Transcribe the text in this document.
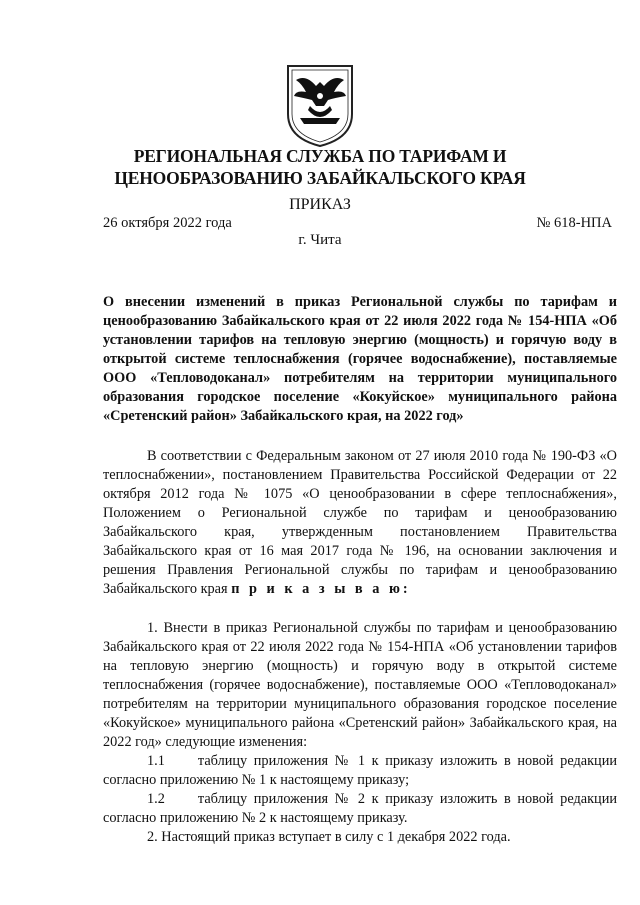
РЕГИОНАЛЬНАЯ СЛУЖБА ПО ТАРИФАМ И
ЦЕНООБРАЗОВАНИЮ ЗАБАЙКАЛЬСКОГО КРАЯ
ПРИКАЗ
26 октября 2022 года	№ 618-НПА
г. Чита
О внесении изменений в приказ Региональной службы по тарифам и ценообразованию Забайкальского края от 22 июля 2022 года № 154-НПА «Об установлении тарифов на тепловую энергию (мощность) и горячую воду в открытой системе теплоснабжения (горячее водоснабжение), поставляемые ООО «Тепловодоканал» потребителям на территории муниципального образования городское поселение «Кокуйское» муниципального района «Сретенский район» Забайкальского края, на 2022 год»

В соответствии с Федеральным законом от 27 июля 2010 года № 190-ФЗ «О теплоснабжении», постановлением Правительства Российской Федерации от 22 октября 2012 года № 1075 «О ценообразовании в сфере теплоснабжения», Положением о Региональной службе по тарифам и ценообразованию Забайкальского края, утвержденным постановлением Правительства Забайкальского края от 16 мая 2017 года № 196, на основании заключения и решения Правления Региональной службы по тарифам и ценообразованию Забайкальского края п р и к а з ы в а ю:

1. Внести в приказ Региональной службы по тарифам и ценообразованию Забайкальского края от 22 июля 2022 года № 154-НПА «Об установлении тарифов на тепловую энергию (мощность) и горячую воду в открытой системе теплоснабжения (горячее водоснабжение), поставляемые ООО «Тепловодоканал» потребителям на территории муниципального образования городское поселение «Кокуйское» муниципального района «Сретенский район» Забайкальского края, на 2022 год» следующие изменения:

1.1 таблицу приложения № 1 к приказу изложить в новой редакции согласно приложению № 1 к настоящему приказу;

1.2 таблицу приложения № 2 к приказу изложить в новой редакции согласно приложению № 2 к настоящему приказу.

2. Настоящий приказ вступает в силу с 1 декабря 2022 года.
